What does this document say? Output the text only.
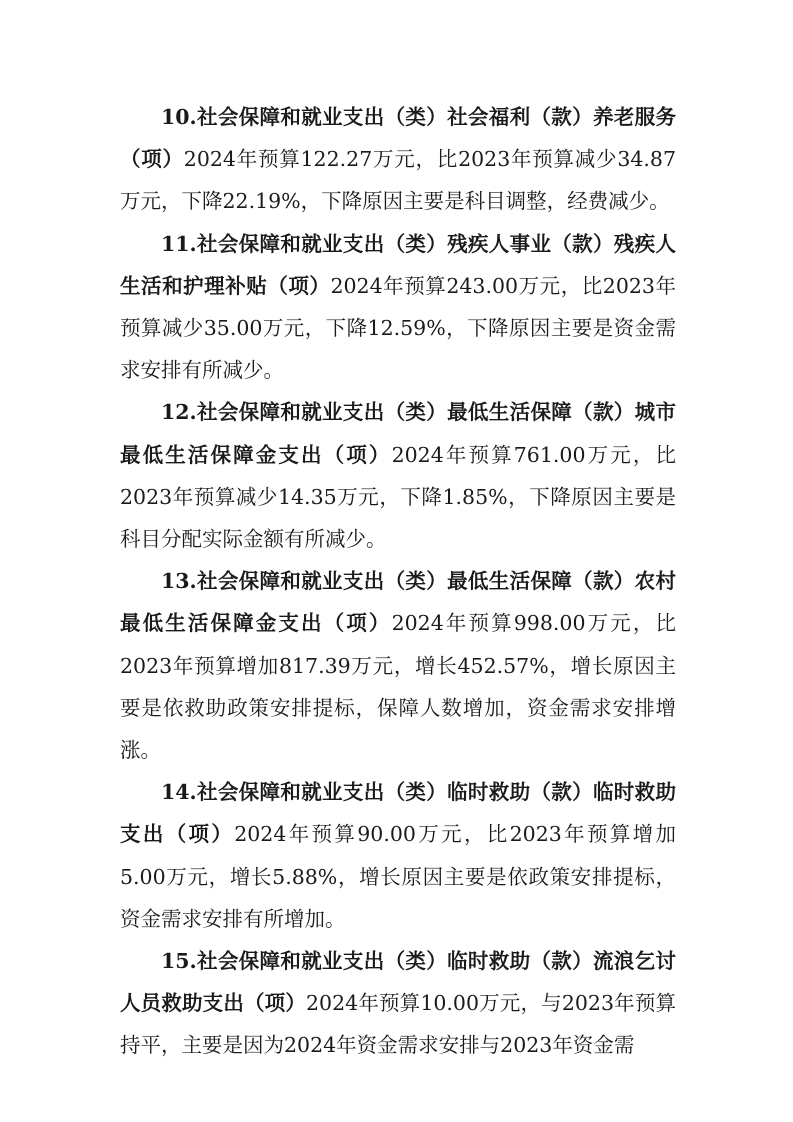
10.社会保障和就业支出（类）社会福利（款）养老服务（项）2024年预算122.27万元，比2023年预算减少34.87万元，下降22.19%，下降原因主要是科目调整，经费减少。

11.社会保障和就业支出（类）残疾人事业（款）残疾人生活和护理补贴（项）2024年预算243.00万元，比2023年预算减少35.00万元，下降12.59%，下降原因主要是资金需求安排有所减少。

12.社会保障和就业支出（类）最低生活保障（款）城市最低生活保障金支出（项）2024年预算761.00万元，比2023年预算减少14.35万元，下降1.85%，下降原因主要是科目分配实际金额有所减少。

13.社会保障和就业支出（类）最低生活保障（款）农村最低生活保障金支出（项）2024年预算998.00万元，比2023年预算增加817.39万元，增长452.57%，增长原因主要是依救助政策安排提标，保障人数增加，资金需求安排增涨。

14.社会保障和就业支出（类）临时救助（款）临时救助支出（项）2024年预算90.00万元，比2023年预算增加5.00万元，增长5.88%，增长原因主要是依政策安排提标，资金需求安排有所增加。

15.社会保障和就业支出（类）临时救助（款）流浪乞讨人员救助支出（项）2024年预算10.00万元，与2023年预算持平，主要是因为2024年资金需求安排与2023年资金需
